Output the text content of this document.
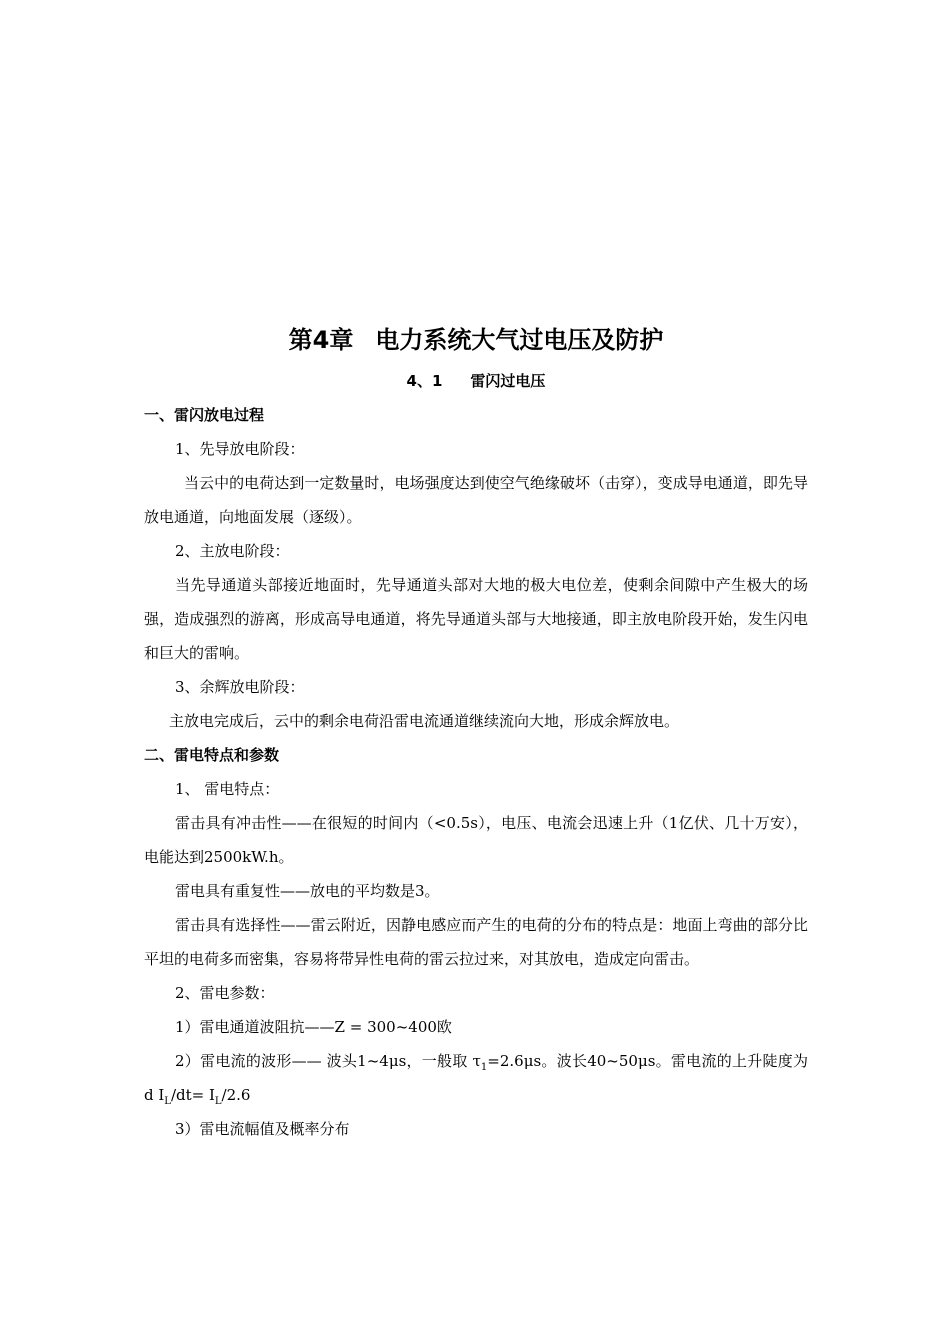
第4章 电力系统大气过电压及防护
4、1 雷闪过电压
一、雷闪放电过程

1、先导放电阶段：

当云中的电荷达到一定数量时，电场强度达到使空气绝缘破坏（击穿），变成导电通道，即先导放电通道，向地面发展（逐级）。

2、主放电阶段：

当先导通道头部接近地面时，先导通道头部对大地的极大电位差，使剩余间隙中产生极大的场强，造成强烈的游离，形成高导电通道，将先导通道头部与大地接通，即主放电阶段开始，发生闪电和巨大的雷响。

3、余辉放电阶段：

主放电完成后，云中的剩余电荷沿雷电流通道继续流向大地，形成余辉放电。

二、雷电特点和参数

1、 雷电特点：

雷击具有冲击性——在很短的时间内（<0.5s），电压、电流会迅速上升（1亿伏、几十万安），电能达到2500kW.h。

雷电具有重复性——放电的平均数是3。

雷击具有选择性——雷云附近，因静电感应而产生的电荷的分布的特点是：地面上弯曲的部分比平坦的电荷多而密集，容易将带异性电荷的雷云拉过来，对其放电，造成定向雷击。

2、雷电参数：

1）雷电通道波阻抗——Z = 300~400欧

2）雷电流的波形—— 波头1~4μs，一般取 $\tau_1=2.6\mu s$。波长40~50μs。雷电流的上升陡度为d $I_L/dt= I_L/2.6$

3）雷电流幅值及概率分布
